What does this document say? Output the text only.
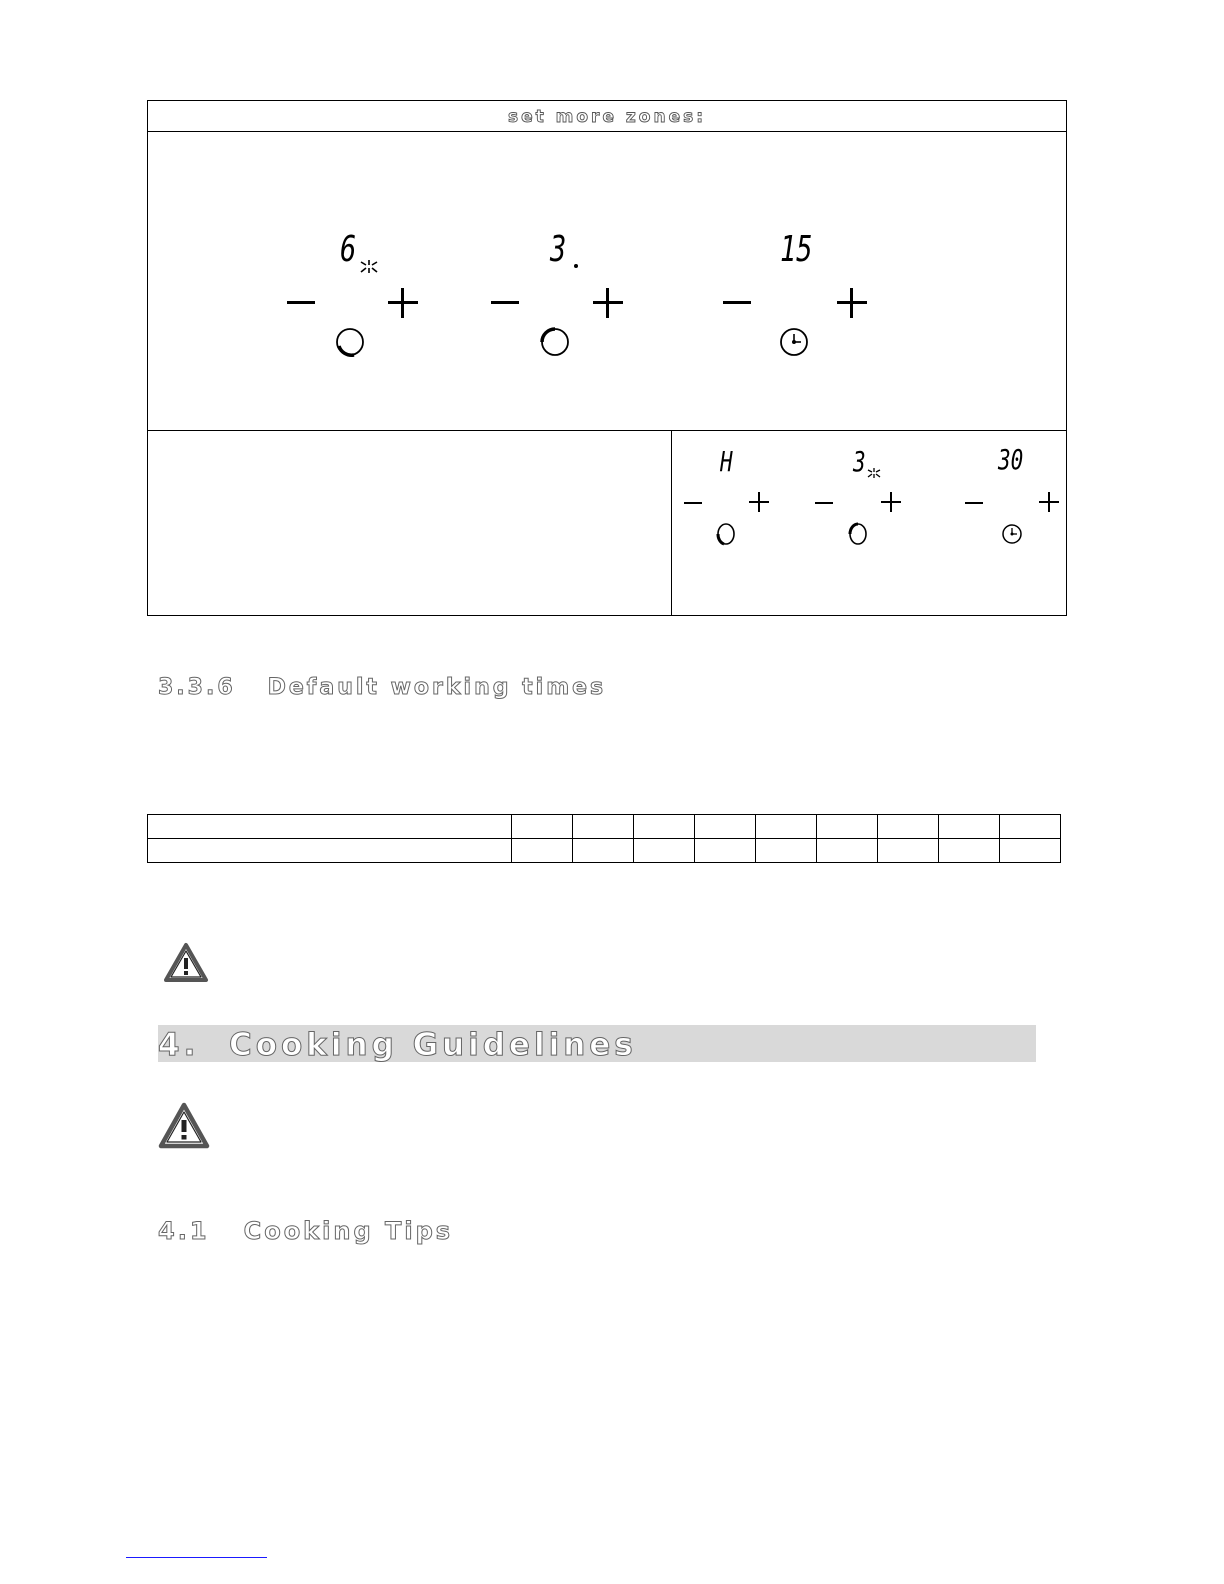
set more zones:
6	3	15
H	3	30
3.3.6 Default working times

4. Cooking Guidelines
4.1 Cooking Tips
